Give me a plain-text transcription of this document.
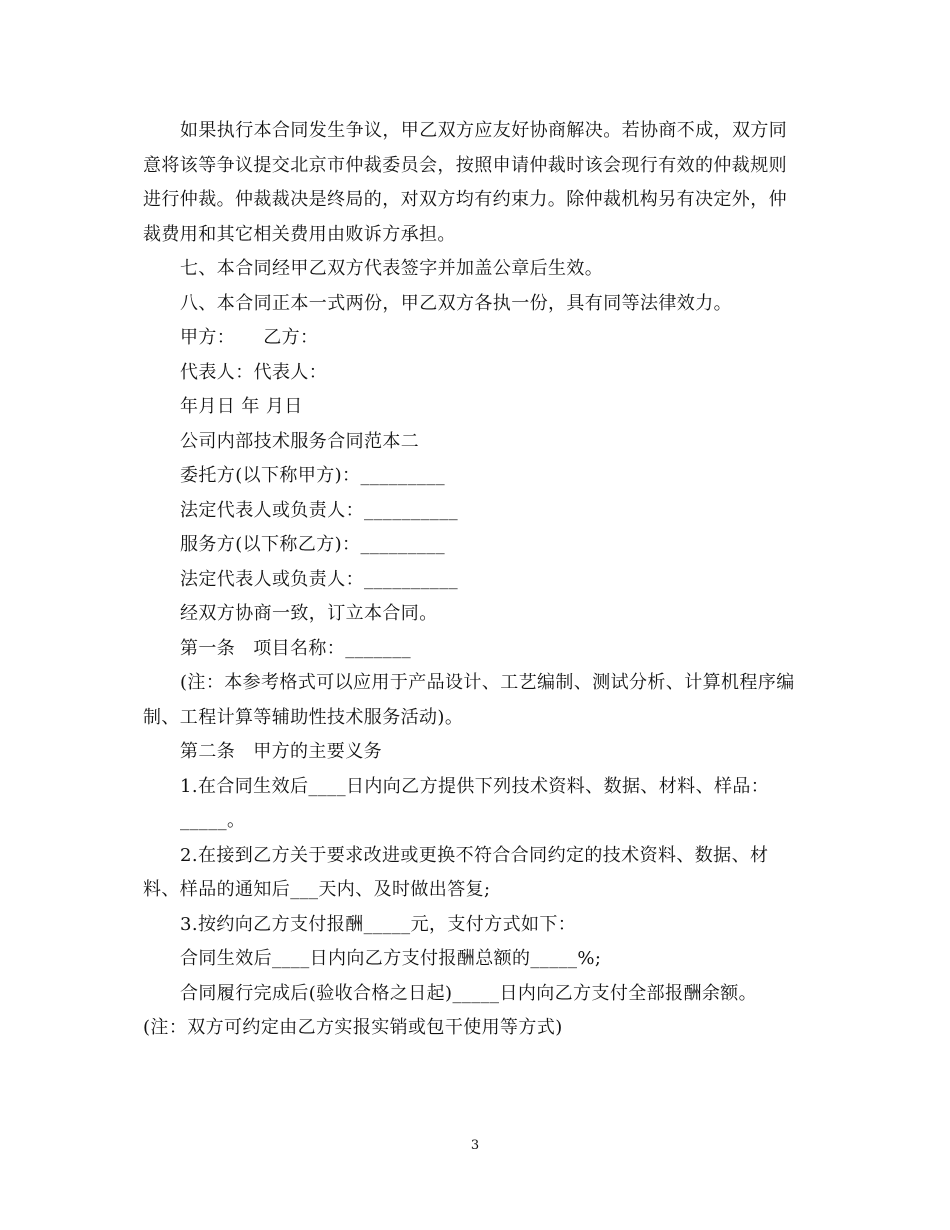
如果执行本合同发生争议，甲乙双方应友好协商解决。若协商不成，双方同
意将该等争议提交北京市仲裁委员会，按照申请仲裁时该会现行有效的仲裁规则
进行仲裁。仲裁裁决是终局的，对双方均有约束力。除仲裁机构另有决定外，仲
裁费用和其它相关费用由败诉方承担。
七、本合同经甲乙双方代表签字并加盖公章后生效。
八、本合同正本一式两份，甲乙双方各执一份，具有同等法律效力。
甲方： 乙方：
代表人：代表人：
年月日 年 月日
公司内部技术服务合同范本二
委托方(以下称甲方)：_________
法定代表人或负责人：__________
服务方(以下称乙方)：_________
法定代表人或负责人：__________
经双方协商一致，订立本合同。
第一条 项目名称：_______
(注：本参考格式可以应用于产品设计、工艺编制、测试分析、计算机程序编
制、工程计算等辅助性技术服务活动)。
第二条 甲方的主要义务
1.在合同生效后____日内向乙方提供下列技术资料、数据、材料、样品：
_____。
2.在接到乙方关于要求改进或更换不符合合同约定的技术资料、数据、材
料、样品的通知后___天内、及时做出答复;
3.按约向乙方支付报酬_____元，支付方式如下：
合同生效后____日内向乙方支付报酬总额的_____%;
合同履行完成后(验收合格之日起)_____日内向乙方支付全部报酬余额。
(注：双方可约定由乙方实报实销或包干使用等方式)
3
